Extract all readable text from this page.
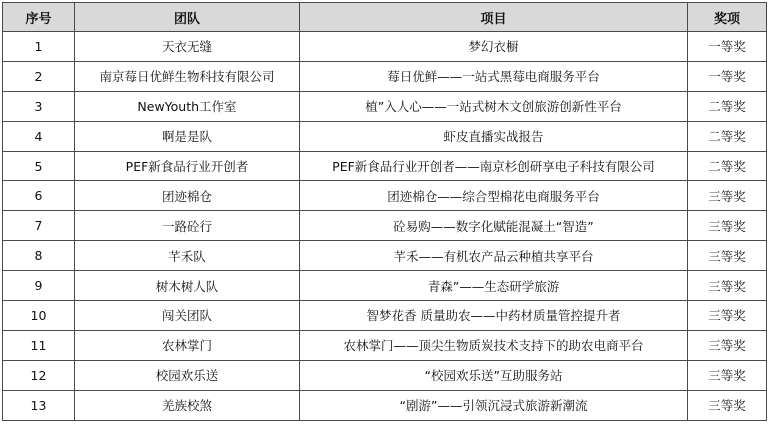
序号	团队	项目	奖项
1	天衣无缝	梦幻衣橱	一等奖
2	南京莓日优鲜生物科技有限公司	莓日优鲜——一站式黑莓电商服务平台	一等奖
3	NewYouth工作室	植”入人心——一站式树木文创旅游创新性平台	二等奖
4	啊是是队	虾皮直播实战报告	二等奖
5	PEF新食品行业开创者	PEF新食品行业开创者——南京杉创研享电子科技有限公司	二等奖
6	团迹棉仓	团迹棉仓——综合型棉花电商服务平台	三等奖
7	一路砼行	砼易购——数字化赋能混凝土“智造”	三等奖
8	芊禾队	芊禾——有机农产品云种植共享平台	三等奖
9	树木树人队	青森”——生态研学旅游	三等奖
10	闯关团队	智梦花香 质量助农——中药材质量管控提升者	三等奖
11	农林掌门	农林掌门——顶尖生物质炭技术支持下的助农电商平台	三等奖
12	校园欢乐送	“校园欢乐送”互助服务站	三等奖
13	羌族校煞	“剧游”——引领沉浸式旅游新潮流	三等奖
